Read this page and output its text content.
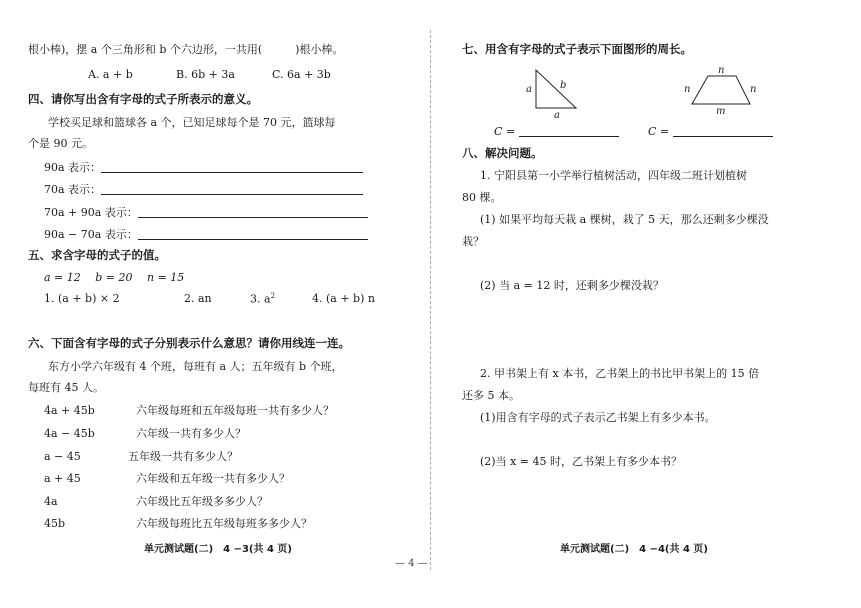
根小棒)，摆 a 个三角形和 b 个六边形，一共用(　　　)根小棒。
A. a + b	B. 6b + 3a	C. 6a + 3b
四、请你写出含有字母的式子所表示的意义。
学校买足球和篮球各 a 个，已知足球每个是 70 元，篮球每
个是 90 元。
90a 表示：
70a 表示：
70a + 90a 表示：
90a − 70a 表示：
五、求含字母的式子的值。
a = 12　 b = 20　 n = 15
1. (a + b) × 2	2. an	3. $a^2$	4. (a + b) n
六、下面含有字母的式子分别表示什么意思？请你用线连一连。
东方小学六年级有 4 个班，每班有 a 人；五年级有 b 个班，
每班有 45 人。
4a + 45b	六年级每班和五年级每班一共有多少人？
4a − 45b	六年级一共有多少人？
a − 45	五年级一共有多少人？
a + 45	六年级和五年级一共有多少人？
4a	六年级比五年级多多少人？
45b	六年级每班比五年级每班多多少人？
单元测试题(二)　4 −3(共 4 页)
七、用含有字母的式子表示下面图形的周长。
a	b
a
n
n	n
m
C =	C =
八、解决问题。
1. 宁阳县第一小学举行植树活动，四年级二班计划植树
80 棵。
(1) 如果平均每天栽 a 棵树，栽了 5 天，那么还剩多少棵没
栽？
(2) 当 a = 12 时，还剩多少棵没栽？
2. 甲书架上有 x 本书，乙书架上的书比甲书架上的 15 倍
还多 5 本。
(1)用含有字母的式子表示乙书架上有多少本书。
(2)当 x = 45 时，乙书架上有多少本书？
单元测试题(二)　4 −4(共 4 页)
— 4 —
